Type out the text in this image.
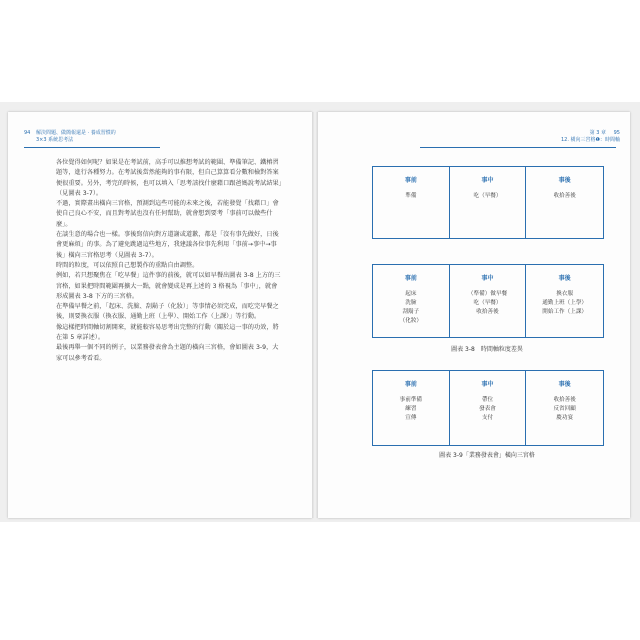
94 解決問題、做簡報還是 · 養成習慣的
3×3 系統思考法
第 3 章 95
12. 橫向三宮格❶：時間軸

各位覺得如何呢？如果是在考試前，高手可以推想考試的範圍、準備筆記、鐵樁習題等，進行各種努力。在考試後當然能夠的事有限，但自己算算看分數和檢對答案便很重要。另外，考完的時候，也可以填入「思考該找什麼藉口跟爸媽說考試結果」（見圖表 3-7）。

不過，實際畫出橫向三宮格，預測到這些可能的未來之後，若能發覺「找藉口」會使自己良心不安，而且對考試也沒有任何幫助，就會想到要考「事前可以做些什麼」。

在談生意的場合也一樣。事後寫信向對方道謝或道歉，都是「沒有事先做好，日後會更麻煩」的事。為了避免跳過這些地方，我建議各位事先利用「事前→事中→事後」橫向三宮格思考（見圖表 3-7）。

時間的粒度，可以依照自己想製作的重點自由調整。

例如，若只想聚焦在「吃早餐」這件事的前後，就可以如早餐出圖表 3-8 上方的三宮格，如果把時間範圍再擴大一點，就會變成是再上述的 3 格視為「事中」，就會形成圖表 3-8 下方的三宮格。

在準備早餐之前，「起床、洗臉、刮鬍子（化妝）」等事情必須完成，而吃完早餐之後，則要換衣服（換衣服、通勤上班（上學）、開始工作（上課）」等行動。

像這樣把時間軸切割開來，就能較容易思考出完整的行動（關於這一事的功效，將在第 5 章詳述）。

最後再舉一個不同的例子，以業務發表會為主題的橫向三宮格，會如圖表 3-9，大家可以參考看看。

事前
準備
事中
吃（早餐）
事後
收拾善後
事前
起床
洗臉
刮鬍子
（化妝）
事中
（準備）做早餐
吃（早餐）
收拾善後
事後
換衣服
通勤上班（上學）
開始工作（上課）
圖表 3-8　時間軸粒度差異
事前
事前準備
練習
宣傳
事中
帶位
發表會
支付
事後
收拾善後
反省回顧
慶功宴
圖表 3-9「業務發表會」橫向三宮格
